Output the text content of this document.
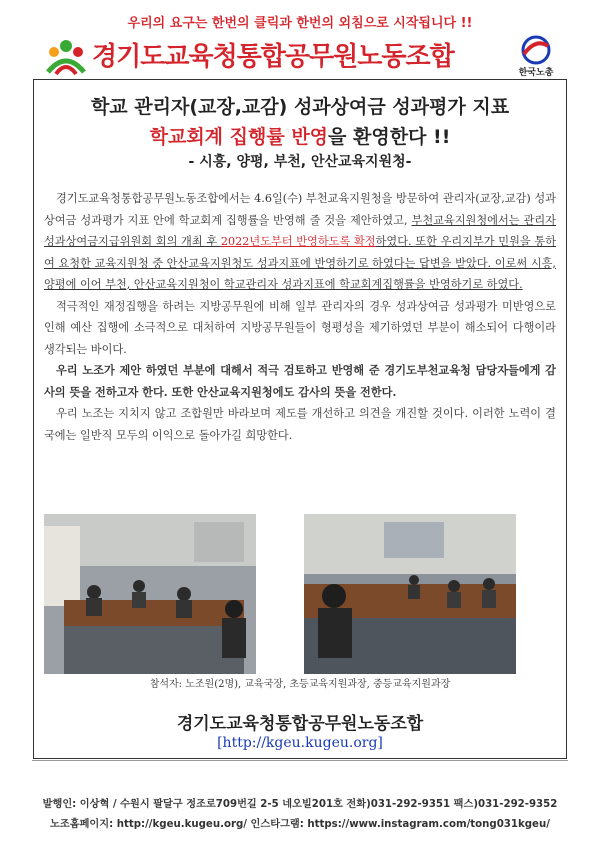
우리의 요구는 한번의 클릭과 한번의 외침으로 시작됩니다 !!
경기도교육청통합공무원노동조합
한국노총
학교 관리자(교장,교감) 성과상여금 성과평가 지표
학교회계 집행률 반영을 환영한다 !!
- 시흥, 양평, 부천, 안산교육지원청-

경기도교육청통합공무원노동조합에서는 4.6일(수) 부천교육지원청을 방문하여 관리자(교장,교감) 성과상여금 성과평가 지표 안에 학교회계 집행률을 반영해 줄 것을 제안하였고, 부천교육지원청에서는 관리자 성과상여금지급위원회 회의 개최 후 2022년도부터 반영하도록 확정하였다. 또한 우리지부가 민원을 통하여 요청한 교육지원청 중 안산교육지원청도 성과지표에 반영하기로 하였다는 답변을 받았다. 이로써 시흥, 양평에 이어 부천, 안산교육지원청이 학교관리자 성과지표에 학교회계집행률을 반영하기로 하였다.

적극적인 재정집행을 하려는 지방공무원에 비해 일부 관리자의 경우 성과상여금 성과평가 미반영으로 인해 예산 집행에 소극적으로 대처하여 지방공무원들이 형평성을 제기하였던 부분이 해소되어 다행이라 생각되는 바이다.

우리 노조가 제안 하였던 부분에 대해서 적극 검토하고 반영해 준 경기도부천교육청 담당자들에게 감사의 뜻을 전하고자 한다. 또한 안산교육지원청에도 감사의 뜻을 전한다.

우리 노조는 지치지 않고 조합원만 바라보며 제도를 개선하고 의견을 개진할 것이다. 이러한 노력이 결국에는 일반직 모두의 이익으로 돌아가길 희망한다.

참석자: 노조원(2명), 교육국장, 초등교육지원과장, 중등교육지원과장
경기도교육청통합공무원노동조합
[http://kgeu.kugeu.org]
발행인: 이상혁 / 수원시 팔달구 정조로709번길 2-5 네오빌201호 전화)031-292-9351 팩스)031-292-9352
노조홈페이지: http://kgeu.kugeu.org/ 인스타그램: https://www.instagram.com/tong031kgeu/
